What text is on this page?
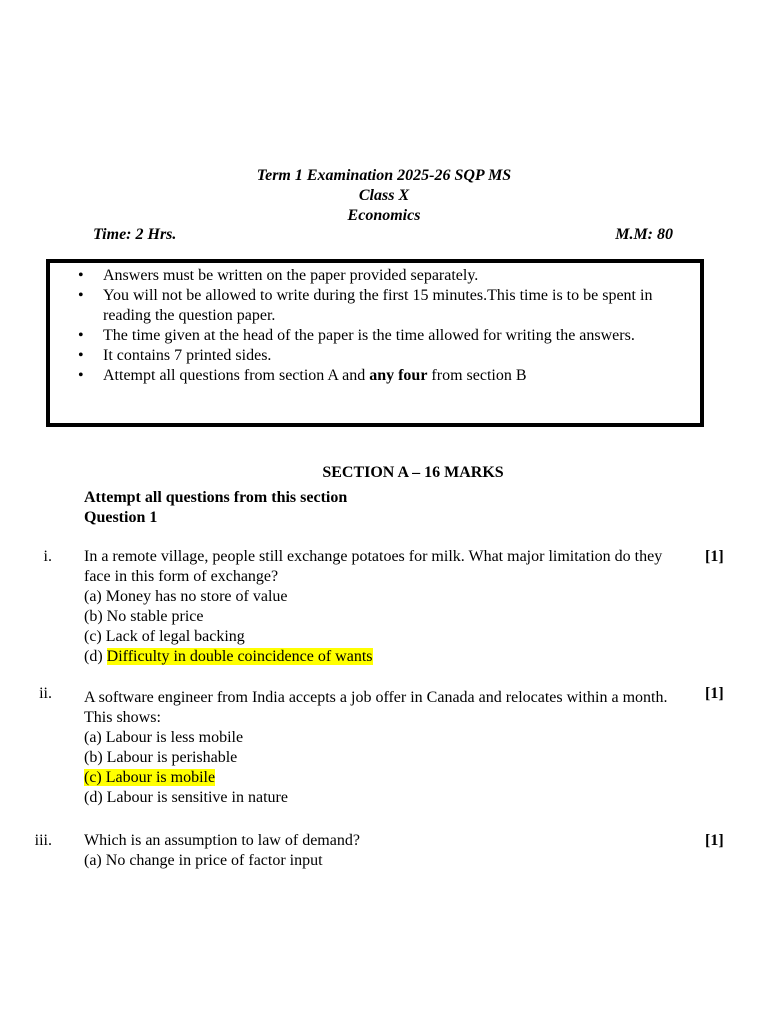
Term 1 Examination 2025-26 SQP MS
Class X
Economics
Time: 2 Hrs.	M.M: 80
• Answers must be written on the paper provided separately.
• You will not be allowed to write during the first 15 minutes.This time is to be spent in reading the question paper.
• The time given at the head of the paper is the time allowed for writing the answers.
• It contains 7 printed sides.
• Attempt all questions from section A and any four from section B
SECTION A – 16 MARKS
Attempt all questions from this section
Question 1
i. In a remote village, people still exchange potatoes for milk. What major limitation do they face in this form of exchange?
(a) Money has no store of value
(b) No stable price
(c) Lack of legal backing
(d) Difficulty in double coincidence of wants
[1]
ii. A software engineer from India accepts a job offer in Canada and relocates within a month. This shows:
(a) Labour is less mobile
(b) Labour is perishable
(c) Labour is mobile
(d) Labour is sensitive in nature
[1]
iii. Which is an assumption to law of demand?
(a) No change in price of factor input
[1]
